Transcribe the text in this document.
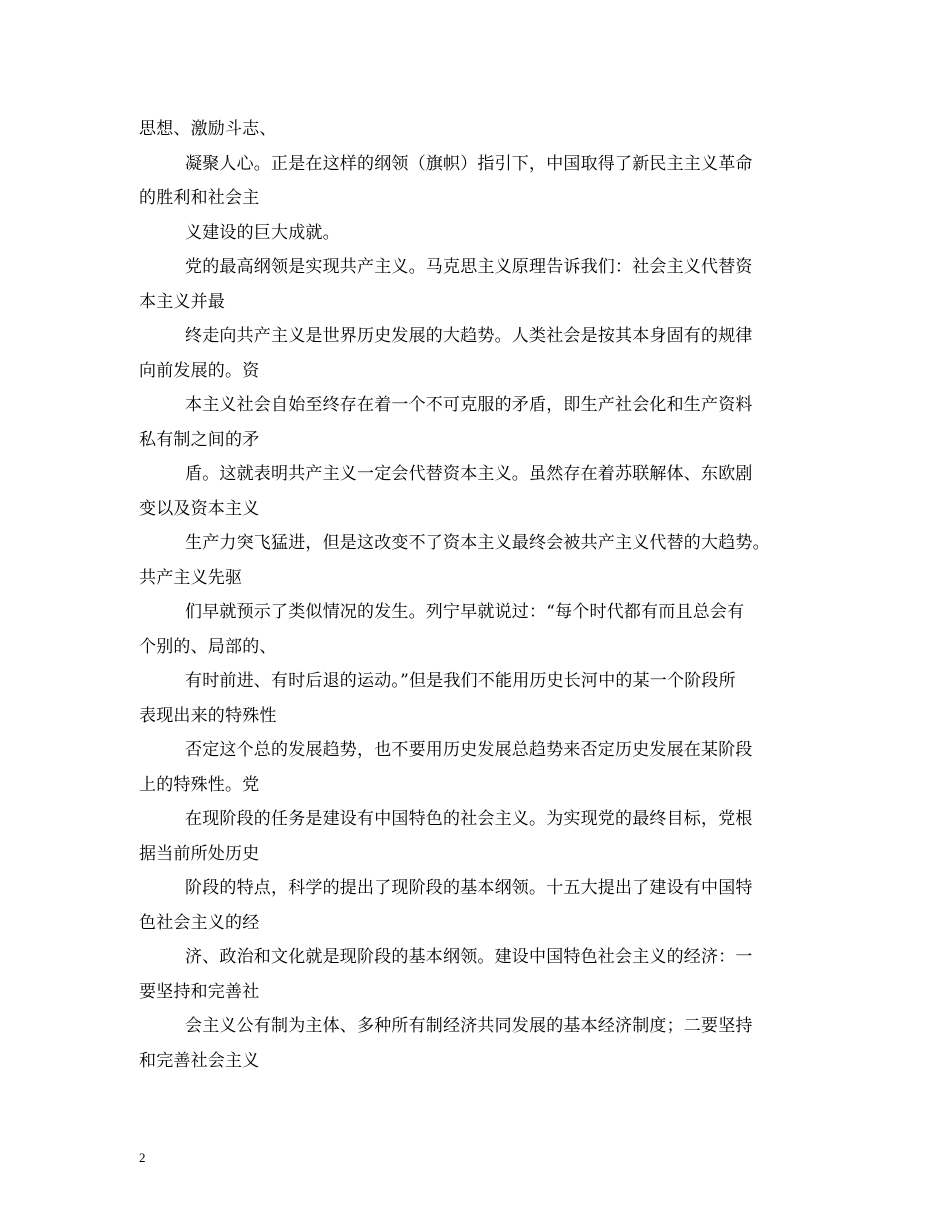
思想、激励斗志、
凝聚人心。正是在这样的纲领（旗帜）指引下，中国取得了新民主主义革命
的胜利和社会主
义建设的巨大成就。
党的最高纲领是实现共产主义。马克思主义原理告诉我们：社会主义代替资
本主义并最
终走向共产主义是世界历史发展的大趋势。人类社会是按其本身固有的规律
向前发展的。资
本主义社会自始至终存在着一个不可克服的矛盾，即生产社会化和生产资料
私有制之间的矛
盾。这就表明共产主义一定会代替资本主义。虽然存在着苏联解体、东欧剧
变以及资本主义
生产力突飞猛进，但是这改变不了资本主义最终会被共产主义代替的大趋势。
共产主义先驱
们早就预示了类似情况的发生。列宁早就说过：“每个时代都有而且总会有
个别的、局部的、
有时前进、有时后退的运动。”但是我们不能用历史长河中的某一个阶段所
表现出来的特殊性
否定这个总的发展趋势，也不要用历史发展总趋势来否定历史发展在某阶段
上的特殊性。党
在现阶段的任务是建设有中国特色的社会主义。为实现党的最终目标，党根
据当前所处历史
阶段的特点，科学的提出了现阶段的基本纲领。十五大提出了建设有中国特
色社会主义的经
济、政治和文化就是现阶段的基本纲领。建设中国特色社会主义的经济：一
要坚持和完善社
会主义公有制为主体、多种所有制经济共同发展的基本经济制度；二要坚持
和完善社会主义
2
